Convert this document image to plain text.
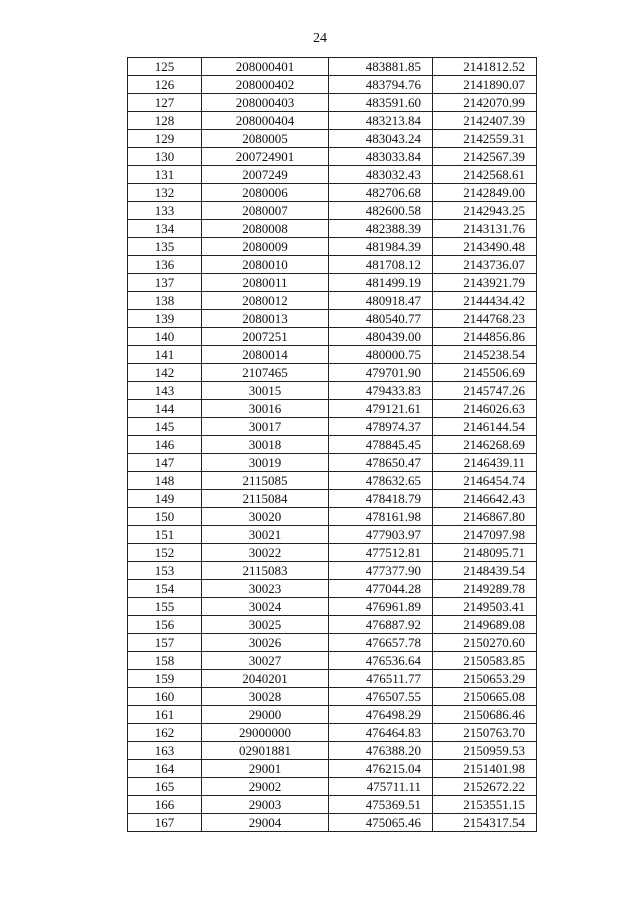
24
125	208000401	483881.85	2141812.52
126	208000402	483794.76	2141890.07
127	208000403	483591.60	2142070.99
128	208000404	483213.84	2142407.39
129	2080005	483043.24	2142559.31
130	200724901	483033.84	2142567.39
131	2007249	483032.43	2142568.61
132	2080006	482706.68	2142849.00
133	2080007	482600.58	2142943.25
134	2080008	482388.39	2143131.76
135	2080009	481984.39	2143490.48
136	2080010	481708.12	2143736.07
137	2080011	481499.19	2143921.79
138	2080012	480918.47	2144434.42
139	2080013	480540.77	2144768.23
140	2007251	480439.00	2144856.86
141	2080014	480000.75	2145238.54
142	2107465	479701.90	2145506.69
143	30015	479433.83	2145747.26
144	30016	479121.61	2146026.63
145	30017	478974.37	2146144.54
146	30018	478845.45	2146268.69
147	30019	478650.47	2146439.11
148	2115085	478632.65	2146454.74
149	2115084	478418.79	2146642.43
150	30020	478161.98	2146867.80
151	30021	477903.97	2147097.98
152	30022	477512.81	2148095.71
153	2115083	477377.90	2148439.54
154	30023	477044.28	2149289.78
155	30024	476961.89	2149503.41
156	30025	476887.92	2149689.08
157	30026	476657.78	2150270.60
158	30027	476536.64	2150583.85
159	2040201	476511.77	2150653.29
160	30028	476507.55	2150665.08
161	29000	476498.29	2150686.46
162	29000000	476464.83	2150763.70
163	02901881	476388.20	2150959.53
164	29001	476215.04	2151401.98
165	29002	475711.11	2152672.22
166	29003	475369.51	2153551.15
167	29004	475065.46	2154317.54
